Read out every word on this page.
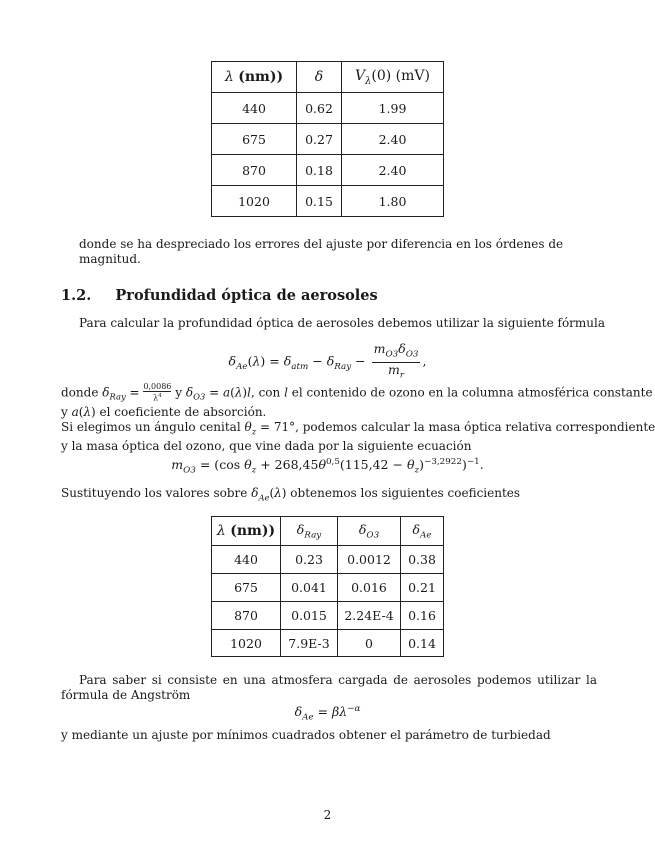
λ (nm))	δ	$V_\lambda(0)$ (mV)
440	0.62	1.99
675	0.27	2.40
870	0.18	2.40
1020	0.15	1.80
donde se ha despreciado los errores del ajuste por diferencia en los órdenes de magnitud.
1.2. Profundidad óptica de aerosoles
Para calcular la profundidad óptica de aerosoles debemos utilizar la siguiente fórmula
$\delta_{Ae}(\lambda) = \delta_{atm} - \delta_{Ray} - \frac{m_{O3}\delta_{O3}}{m_r}$ ,
donde $\delta_{Ray} = \frac{0,0086}{\lambda^4}$ y $\delta_{O3} = a(\lambda)l$, con l el contenido de ozono en la columna atmosférica constante
y a(λ) el coeficiente de absorción.
Si elegimos un ángulo cenital $\theta_z = 71^\circ$, podemos calcular la masa óptica relativa correspondiente
y la masa óptica del ozono, que vine dada por la siguiente ecuación
$m_{O3} = (\cos$ $\theta_z + 268,45\theta^{0,5}(115,42 - \theta_z)^{-3,2922})^{-1}$.
Sustituyendo los valores sobre $\delta_{Ae}(\lambda)$ obtenemos los siguientes coeficientes
λ (nm))	$\delta_{Ray}$	$\delta_{O3}$	$\delta_{Ae}$
440	0.23	0.0012	0.38
675	0.041	0.016	0.21
870	0.015	2.24E-4	0.16
1020	7.9E-3	0	0.14
Para saber si consiste en una atmosfera cargada de aerosoles podemos utilizar la fórmula de Angström
$\delta_{Ae} = \beta\lambda^{-\alpha}$
y mediante un ajuste por mínimos cuadrados obtener el parámetro de turbiedad
2
